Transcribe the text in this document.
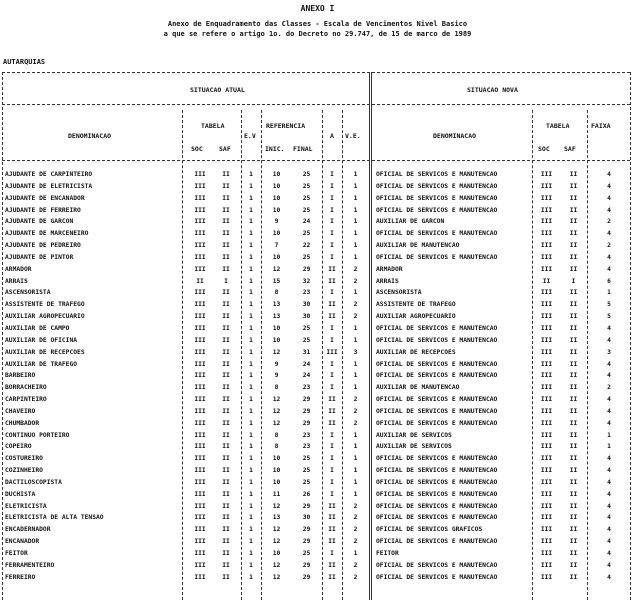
ANEXO I
Anexo de Enquadramento das Classes - Escala de Vencimentos Nivel Basico
a que se refere o artigo 1o. do Decreto no 29.747, de 15 de marco de 1989
AUTARQUIAS
SITUACAO ATUAL	SITUACAO NOVA
DENOMINACAO
TABELA
SOC	SAF
E.V
REFERENCIA
INIC. FINAL
A V.E.	DENOMINACAO
TABELA
SOC SAF
FAIXA
AJUDANTE DE CARPINTEIRO	III	II	1	10	25	I	1	OFICIAL DE SERVICOS E MANUTENCAO	III	II	4
AJUDANTE DE ELETRICISTA	III	II	1	10	25	I	1	OFICIAL DE SERVICOS E MANUTENCAO	III	II	4
AJUDANTE DE ENCANADOR	III	II	1	10	25	I	1	OFICIAL DE SERVICOS E MANUTENCAO	III	II	4
AJUDANTE DE FERREIRO	III	II	1	10	25	I	1	OFICIAL DE SERVICOS E MANUTENCAO	III	II	4
AJUDANTE DE GARCON	III	II	1	9	24	I	1	AUXILIAR DE GARCON	III	II	2
AJUDANTE DE MARCENEIRO	III	II	1	10	25	I	1	OFICIAL DE SERVICOS E MANUTENCAO	III	II	4
AJUDANTE DE PEDREIRO	III	II	1	7	22	I	1	AUXILIAR DE MANUTENCAO	III	II	2
AJUDANTE DE PINTOR	III	II	1	10	25	I	1	OFICIAL DE SERVICOS E MANUTENCAO	III	II	4
ARMADOR	III	II	1	12	29	II	2	ARMADOR	III	II	4
ARRAIS	II	I	1	15	32	II	2	ARRAIS	II	I	6
ASCENSORISTA	III	II	1	8	23	I	1	ASCENSORISTA	III	II	1
ASSISTENTE DE TRAFEGO	III	II	1	13	30	II	2	ASSISTENTE DE TRAFEGO	III	II	5
AUXILIAR AGROPECUARIO	III	II	1	13	30	II	2	AUXILIAR AGROPECUARIO	III	II	5
AUXILIAR DE CAMPO	III	II	1	10	25	I	1	OFICIAL DE SERVICOS E MANUTENCAO	III	II	4
AUXILIAR DE OFICINA	III	II	1	10	25	I	1	OFICIAL DE SERVICOS E MANUTENCAO	III	II	4
AUXILIAR DE RECEPCOES	III	II	1	12	31	III	3	AUXILIAR DE RECEPCOES	III	II	3
AUXILIAR DE TRAFEGO	III	II	1	9	24	I	1	OFICIAL DE SERVICOS E MANUTENCAO	III	II	4
BARBEIRO	III	II	1	9	24	I	1	OFICIAL DE SERVICOS E MANUTENCAO	III	II	4
BORRACHEIRO	III	II	1	8	23	I	1	AUXILIAR DE MANUTENCAO	III	II	2
CARPINTEIRO	III	II	1	12	29	II	2	OFICIAL DE SERVICOS E MANUTENCAO	III	II	4
CHAVEIRO	III	II	1	12	29	II	2	OFICIAL DE SERVICOS E MANUTENCAO	III	II	4
CHUMBADOR	III	II	1	12	29	II	2	OFICIAL DE SERVICOS E MANUTENCAO	III	II	4
CONTINUO PORTEIRO	III	II	1	8	23	I	1	AUXILIAR DE SERVICOS	III	II	1
COPEIRO	III	II	1	8	23	I	1	AUXILIAR DE SERVICOS	III	II	1
COSTUREIRO	III	II	1	10	25	I	1	OFICIAL DE SERVICOS E MANUTENCAO	III	II	4
COZINHEIRO	III	II	1	10	25	I	1	OFICIAL DE SERVICOS E MANUTENCAO	III	II	4
DACTILOSCOPISTA	III	II	1	10	25	I	1	OFICIAL DE SERVICOS E MANUTENCAO	III	II	4
DUCHISTA	III	II	1	11	26	I	1	OFICIAL DE SERVICOS E MANUTENCAO	III	II	4
ELETRICISTA	III	II	1	12	29	II	2	OFICIAL DE SERVICOS E MANUTENCAO	III	II	4
ELETRICISTA DE ALTA TENSAO	III	II	1	13	30	II	2	OFICIAL DE SERVICOS E MANUTENCAO	III	II	4
ENCADERNADOR	III	II	1	12	29	II	2	OFICIAL DE SERVICOS GRAFICOS	III	II	4
ENCANADOR	III	II	1	12	29	II	2	OFICIAL DE SERVICOS E MANUTENCAO	III	II	4
FEITOR	III	II	1	10	25	I	1	FEITOR	III	II	4
FERRAMENTEIRO	III	II	1	12	29	II	2	OFICIAL DE SERVICOS E MANUTENCAO	III	II	4
FERREIRO	III	II	1	12	29	II	2	OFICIAL DE SERVICOS E MANUTENCAO	III	II	4
